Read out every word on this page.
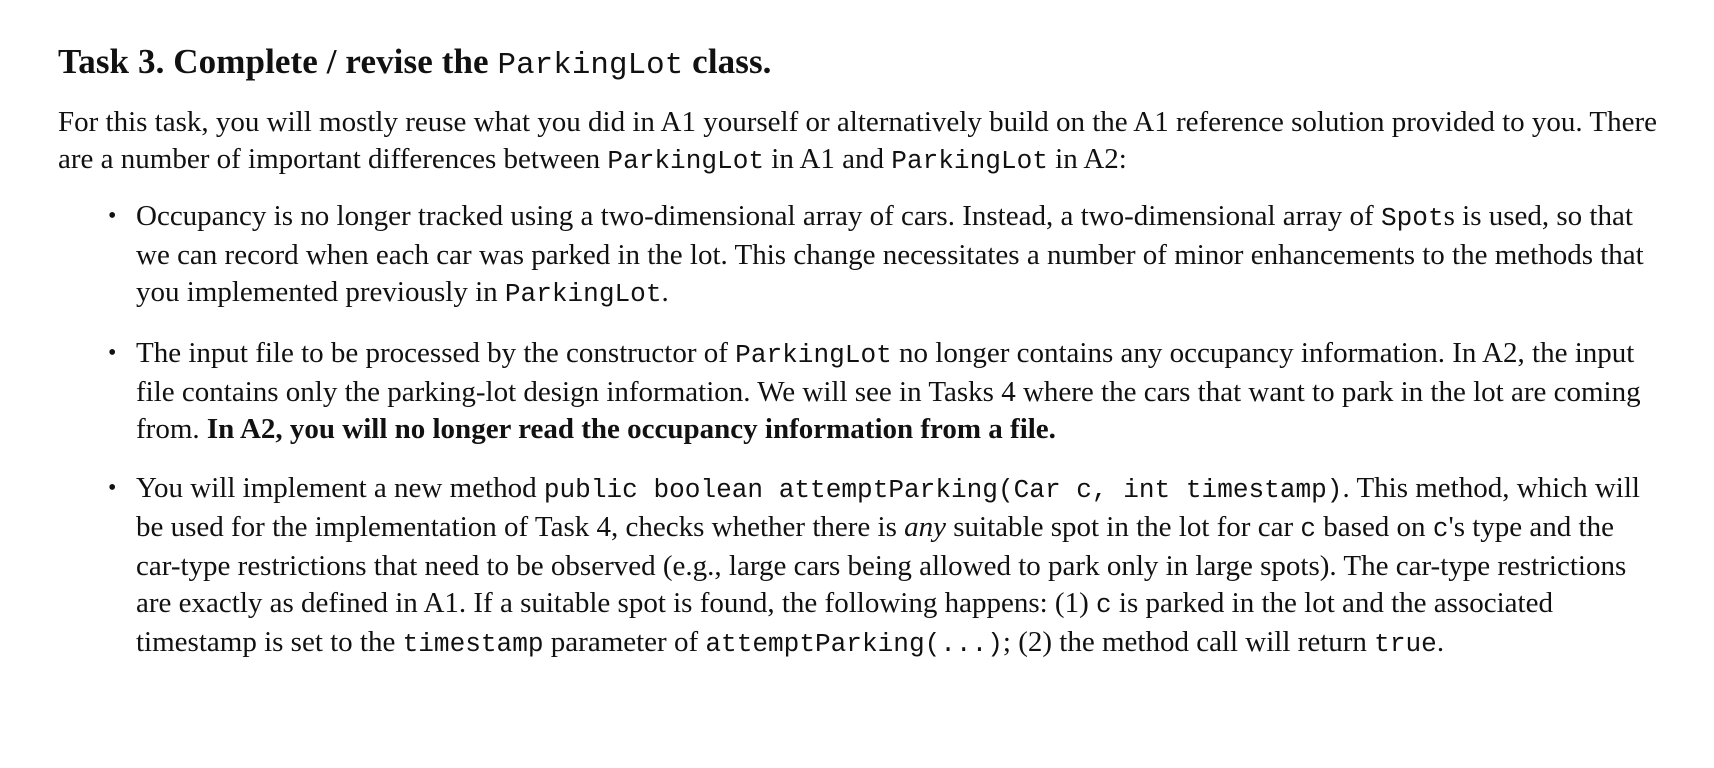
Task 3. Complete / revise the ParkingLot class.

For this task, you will mostly reuse what you did in A1 yourself or alternatively build on the A1 reference solution provided to you. There are a number of important differences between ParkingLot in A1 and ParkingLot in A2:

• Occupancy is no longer tracked using a two-dimensional array of cars. Instead, a two-dimensional array of Spots is used, so that we can record when each car was parked in the lot. This change necessitates a number of minor enhancements to the methods that you implemented previously in ParkingLot.
• The input file to be processed by the constructor of ParkingLot no longer contains any occupancy information. In A2, the input file contains only the parking-lot design information. We will see in Tasks 4 where the cars that want to park in the lot are coming from. In A2, you will no longer read the occupancy information from a file.
• You will implement a new method public boolean attemptParking(Car c, int timestamp). This method, which will be used for the implementation of Task 4, checks whether there is any suitable spot in the lot for car c based on c's type and the car-type restrictions that need to be observed (e.g., large cars being allowed to park only in large spots). The car-type restrictions are exactly as defined in A1. If a suitable spot is found, the following happens: (1) c is parked in the lot and the associated timestamp is set to the timestamp parameter of attemptParking(...); (2) the method call will return true.
